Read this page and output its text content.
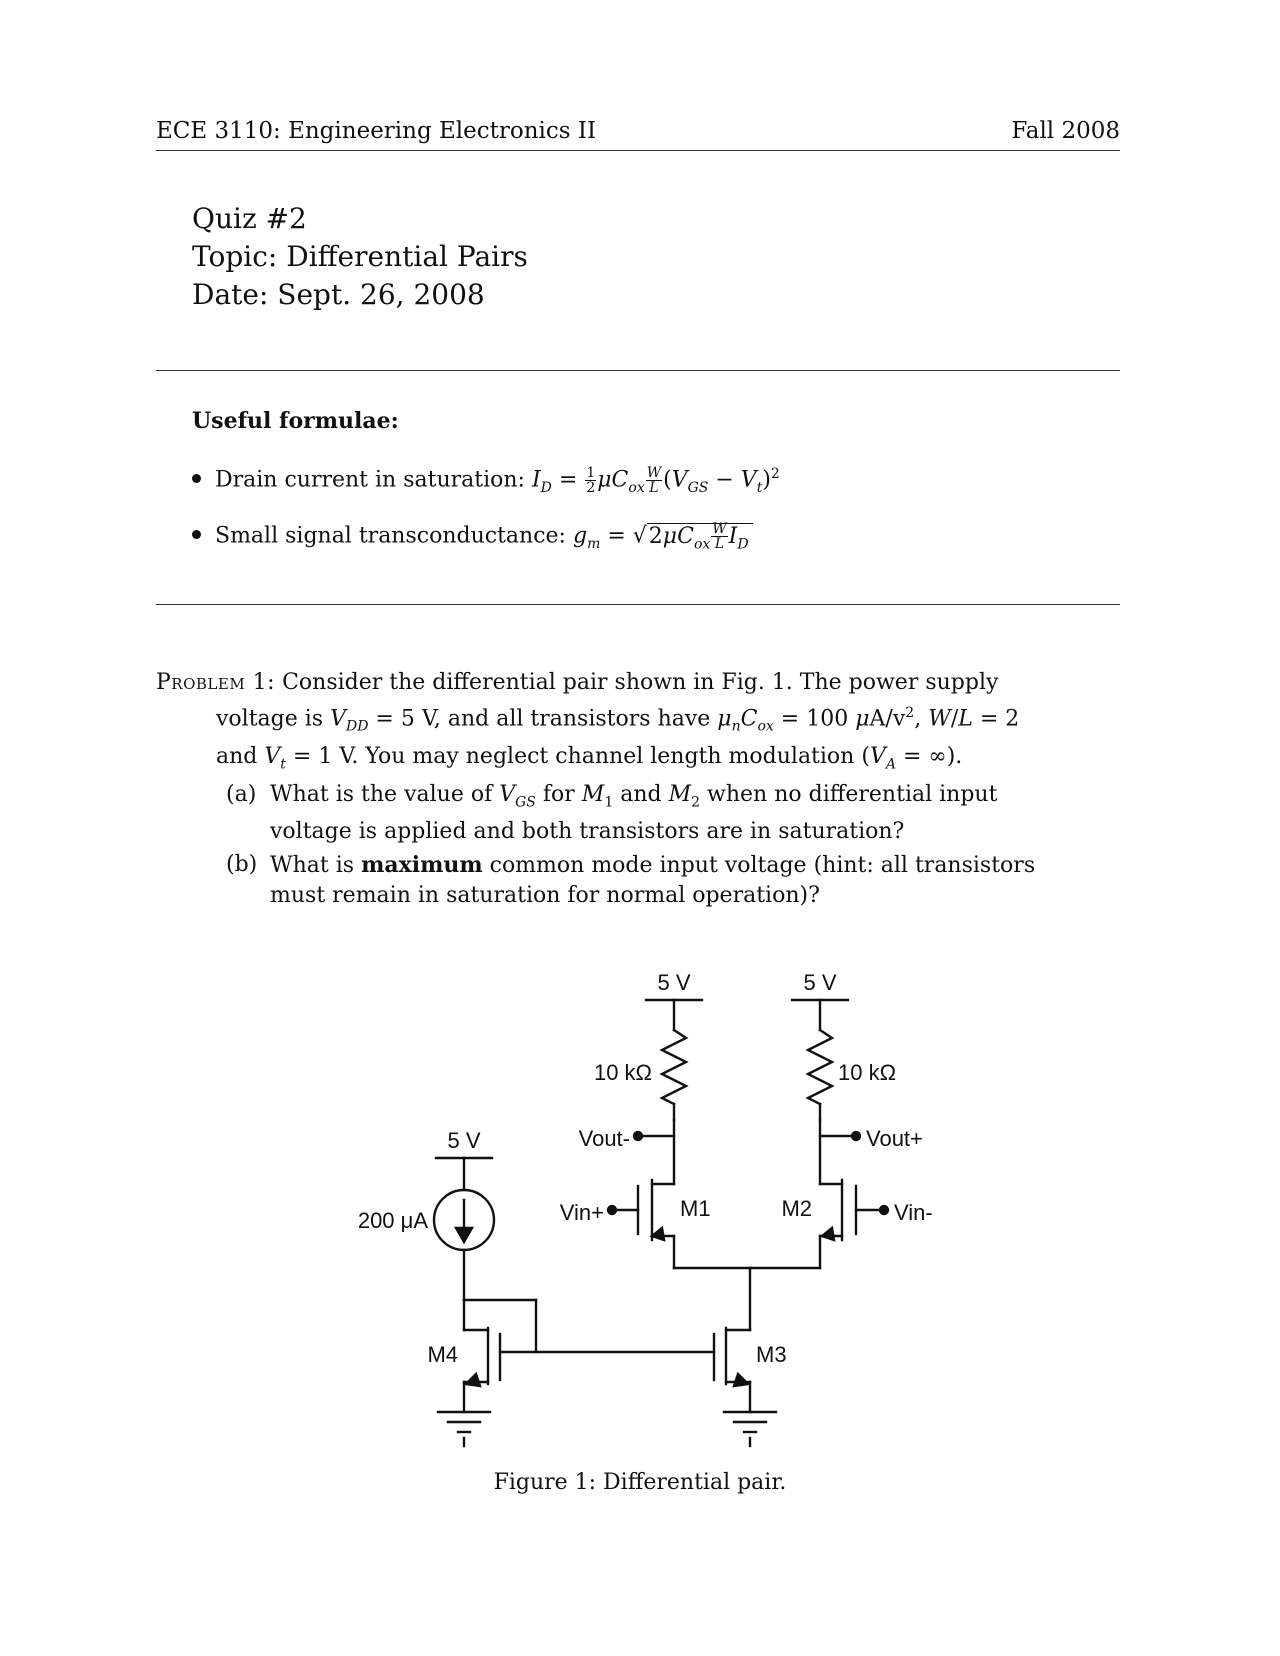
ECE 3110: Engineering Electronics II	Fall 2008
Quiz #2
Topic: Differential Pairs
Date: Sept. 26, 2008
Useful formulae:
Drain current in saturation: $I_D = \frac{1}{2} \mu C_{ox} \frac{W}{L} (V_{GS} - V_t)^2$
Small signal transconductance: $g_m = √2\mu C_{ox} \frac{W}{L} I_D$
Problem 1: Consider the differential pair shown in Fig. 1. The power supply voltage is $V_{DD} = 5$ V, and all transistors have $\mu_nC_{ox} = 100$ $\mu A/v^2$, W/L = 2 and $V_t = 1$ V. You may neglect channel length modulation ($V_A$ = ∞).
(a) What is the value of $V_{GS}$ for $M_1$ and $M_2$ when no differential input voltage is applied and both transistors are in saturation?
(b) What is maximum common mode input voltage (hint: all transistors must remain in saturation for normal operation)?
5 V	5 V
5 V
10 kΩ	10 kΩ
200 μA
Vout-	Vout+
Vin+	Vin-
M1	M2
M3
M4
Figure 1: Differential pair.
